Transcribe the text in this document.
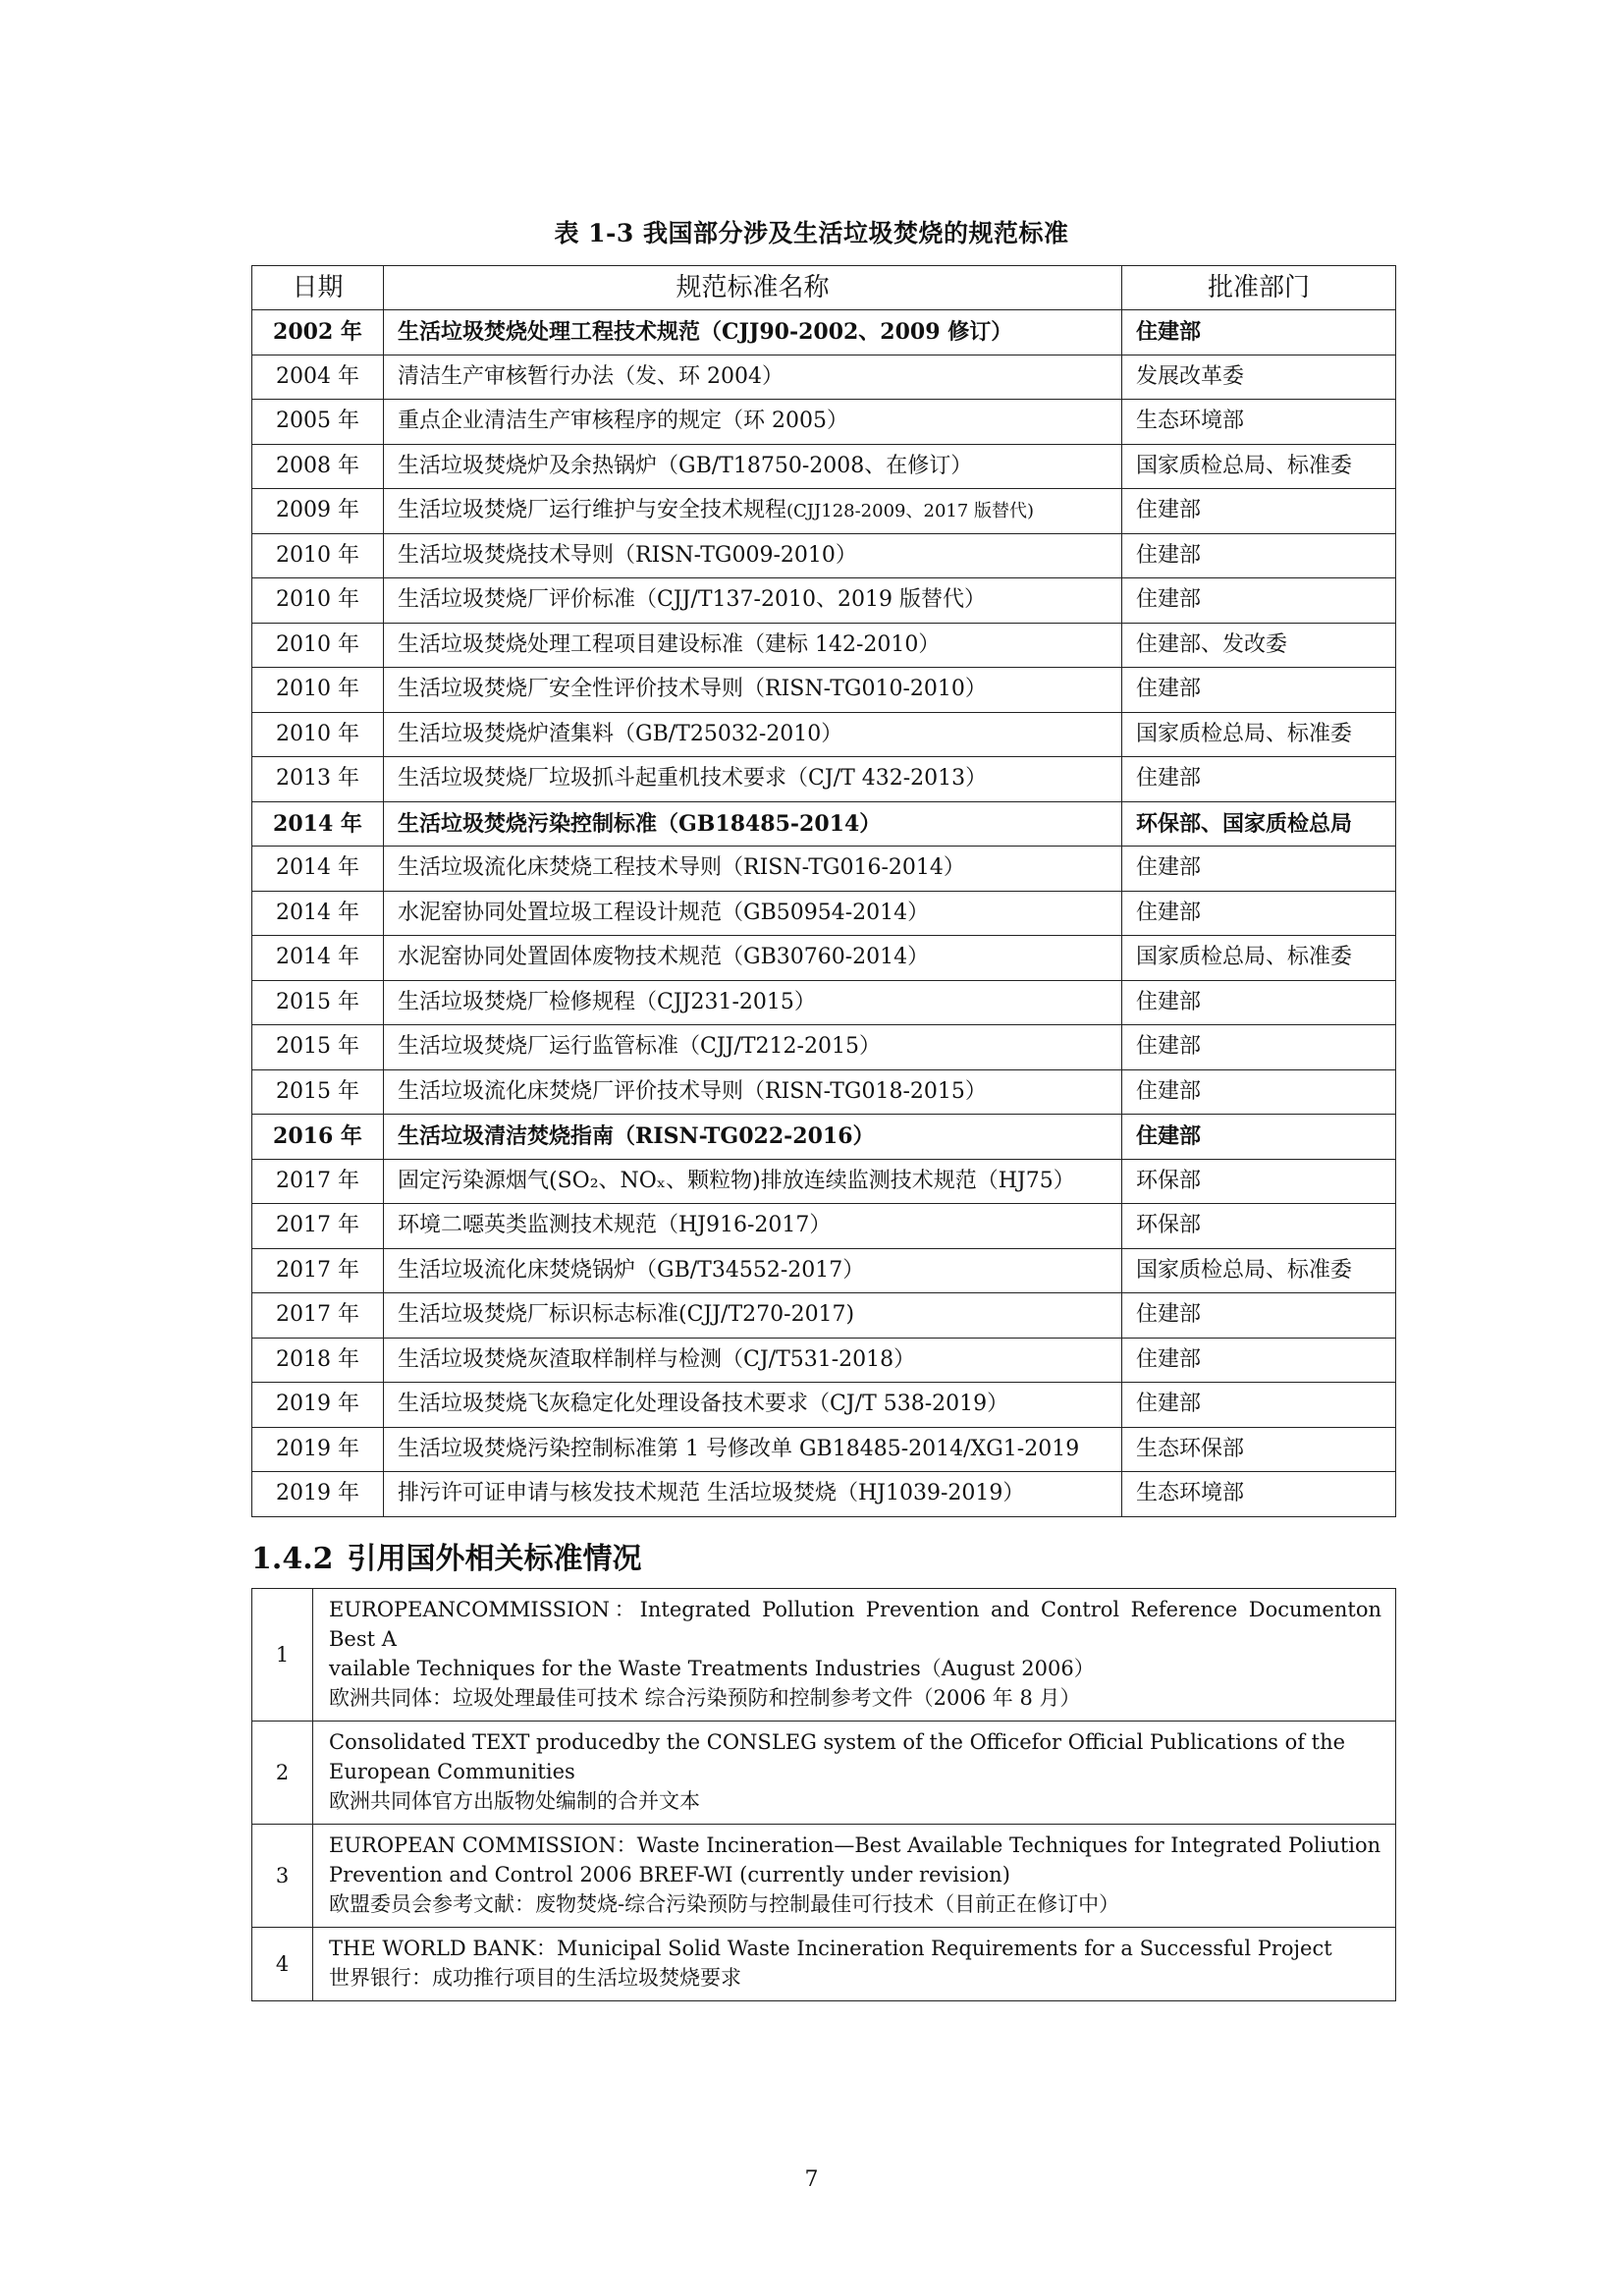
表 1-3 我国部分涉及生活垃圾焚烧的规范标准
日期	规范标准名称	批准部门
2002 年	生活垃圾焚烧处理工程技术规范（CJJ90-2002、2009 修订）	住建部
2004 年	清洁生产审核暂行办法（发、环 2004）	发展改革委
2005 年	重点企业清洁生产审核程序的规定（环 2005）	生态环境部
2008 年	生活垃圾焚烧炉及余热锅炉（GB/T18750-2008、在修订）	国家质检总局、标准委
2009 年	生活垃圾焚烧厂运行维护与安全技术规程(CJJ128-2009、2017 版替代)	住建部
2010 年	生活垃圾焚烧技术导则（RISN-TG009-2010）	住建部
2010 年	生活垃圾焚烧厂评价标准（CJJ/T137-2010、2019 版替代）	住建部
2010 年	生活垃圾焚烧处理工程项目建设标准（建标 142-2010）	住建部、发改委
2010 年	生活垃圾焚烧厂安全性评价技术导则（RISN-TG010-2010）	住建部
2010 年	生活垃圾焚烧炉渣集料（GB/T25032-2010）	国家质检总局、标准委
2013 年	生活垃圾焚烧厂垃圾抓斗起重机技术要求（CJ/T 432-2013）	住建部
2014 年	生活垃圾焚烧污染控制标准（GB18485-2014）	环保部、国家质检总局
2014 年	生活垃圾流化床焚烧工程技术导则（RISN-TG016-2014）	住建部
2014 年	水泥窑协同处置垃圾工程设计规范（GB50954-2014）	住建部
2014 年	水泥窑协同处置固体废物技术规范（GB30760-2014）	国家质检总局、标准委
2015 年	生活垃圾焚烧厂检修规程（CJJ231-2015）	住建部
2015 年	生活垃圾焚烧厂运行监管标准（CJJ/T212-2015）	住建部
2015 年	生活垃圾流化床焚烧厂评价技术导则（RISN-TG018-2015）	住建部
2016 年	生活垃圾清洁焚烧指南（RISN-TG022-2016）	住建部
2017 年	固定污染源烟气(SO₂、NOₓ、颗粒物)排放连续监测技术规范（HJ75）	环保部
2017 年	环境二噁英类监测技术规范（HJ916-2017）	环保部
2017 年	生活垃圾流化床焚烧锅炉（GB/T34552-2017）	国家质检总局、标准委
2017 年	生活垃圾焚烧厂标识标志标准(CJJ/T270-2017)	住建部
2018 年	生活垃圾焚烧灰渣取样制样与检测（CJ/T531-2018）	住建部
2019 年	生活垃圾焚烧飞灰稳定化处理设备技术要求（CJ/T 538-2019）	住建部
2019 年	生活垃圾焚烧污染控制标准第 1 号修改单 GB18485-2014/XG1-2019	生态环保部
2019 年	排污许可证申请与核发技术规范 生活垃圾焚烧（HJ1039-2019）	生态环境部
1.4.2 引用国外相关标准情况
1	EUROPEANCOMMISSION：Integrated Pollution Prevention and Control Reference Documenton Best A
vailable Techniques for the Waste Treatments Industries（August 2006）
欧洲共同体：垃圾处理最佳可技术 综合污染预防和控制参考文件（2006 年 8 月）

2	Consolidated TEXT producedby the CONSLEG system of the Officefor Official Publications of the
European Communities
欧洲共同体官方出版物处编制的合并文本

3	EUROPEAN COMMISSION：Waste Incineration—Best Available Techniques for Integrated Poliution
Prevention and Control 2006 BREF-WI (currently under revision)
欧盟委员会参考文献：废物焚烧-综合污染预防与控制最佳可行技术（目前正在修订中）

4	THE WORLD BANK：Municipal Solid Waste Incineration Requirements for a Successful Project
世界银行：成功推行项目的生活垃圾焚烧要求
7
